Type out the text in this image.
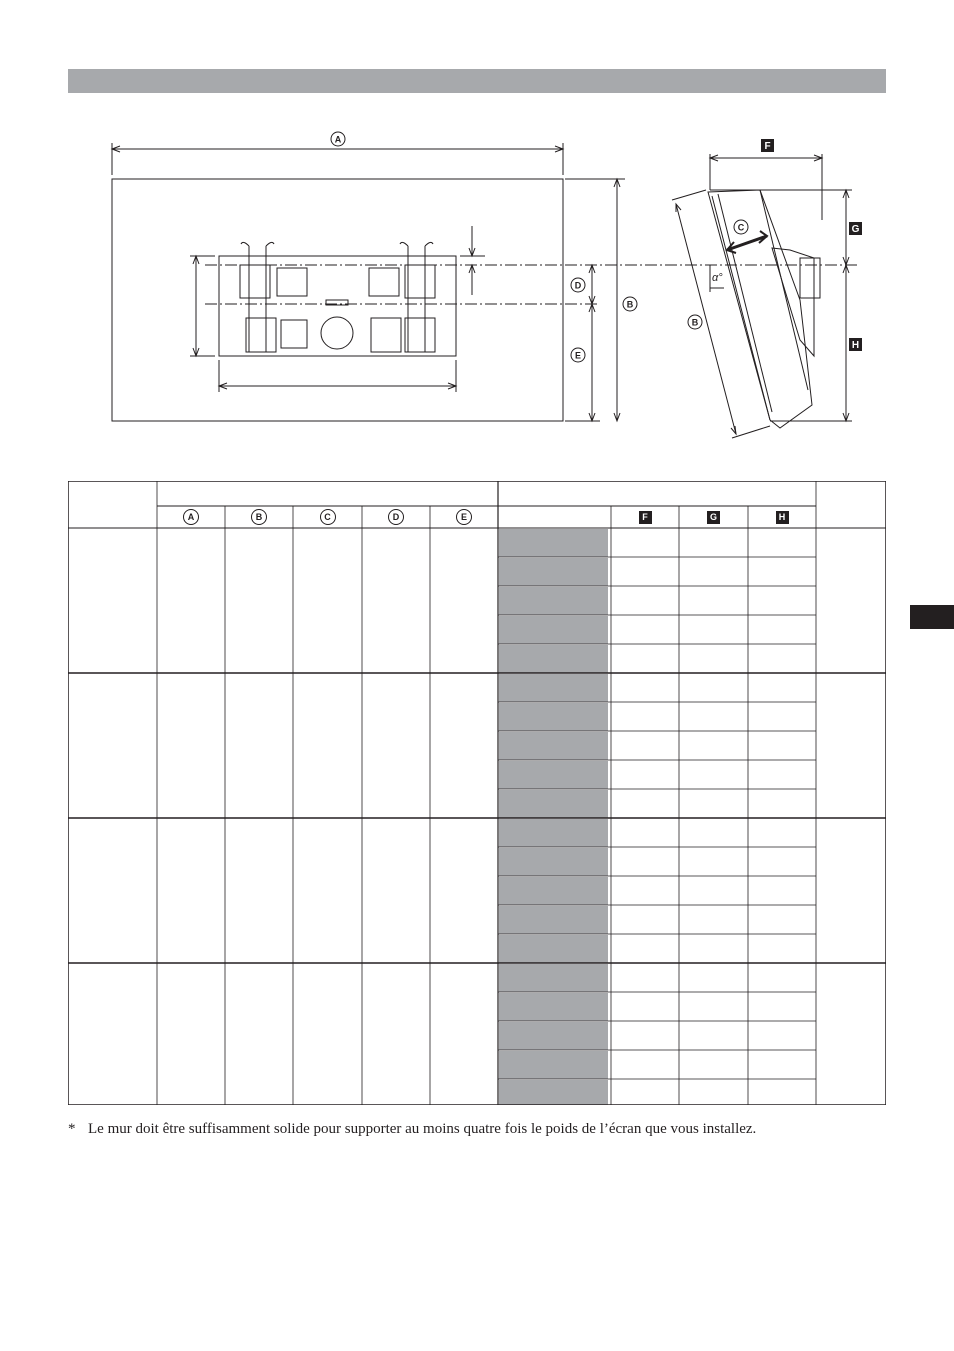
A
D
B
E
C
B
α°
F
G
H
A	B	C	D	E	F	G	H
* Le mur doit être suffisamment solide pour supporter au moins quatre fois le poids de l’écran que vous installez.
